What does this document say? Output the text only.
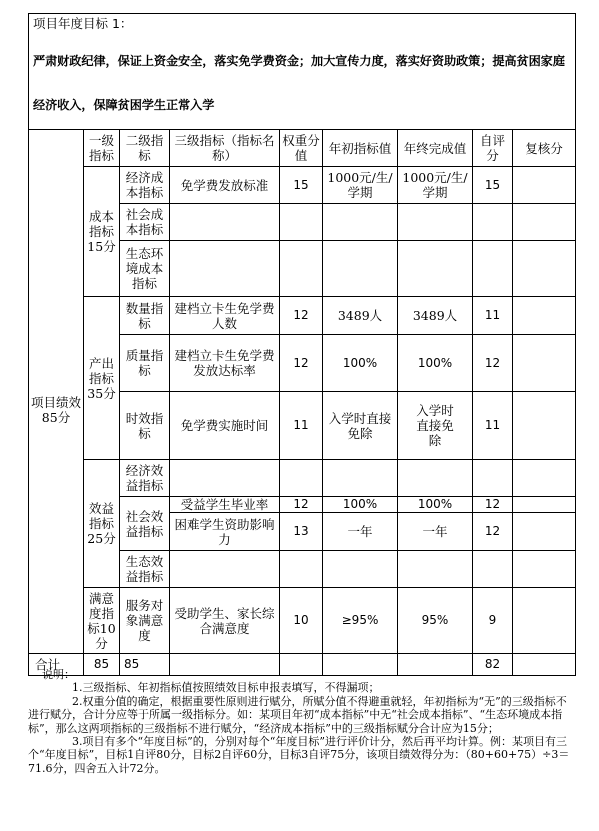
项目年度目标 1：
严肃财政纪律，保证上资金安全，落实免学费资金；加大宣传力度，落实好资助政策；提高贫困家庭经济收入，保障贫困学生正常入学								

	一级指标	二级指标	三级指标（指标名称）	权重分值	年初指标值	年终完成值	自评分	复核分
项目绩效85分	成本指标15分	经济成本指标	免学费发放标准	15	1000元/生/学期	1000元/生/学期	15	
		社会成本指标						
		生态环境成本指标						
	产出指标35分	数量指标	建档立卡生免学费人数	12	3489人	3489人	11	
		质量指标	建档立卡生免学费发放达标率	12	100%	100%	12	
		时效指标	免学费实施时间	11	入学时直接免除	入学时直接免除	11	
	效益指标25分	经济效益指标						
		社会效益指标	受益学生毕业率	12	100%	100%	12	
			困难学生资助影响力	13	一年	一年	12	
		生态效益指标						
	满意度指标10分	服务对象满意度	受助学生、家长综合满意度	10	≥95%	95%	9	
合计	85	85					82	

说明：

1.三级指标、年初指标值按照绩效目标申报表填写，不得漏项；

2.权重分值的确定，根据重要性原则进行赋分，所赋分值不得避重就轻，年初指标为“无”的三级指标不进行赋分，合计分应等于所属一级指标分。如：某项目年初“成本指标”中无“社会成本指标”、“生态环境成本指标”，那么这两项指标的三级指标不进行赋分，“经济成本指标”中的三级指标赋分合计应为15分；

3.项目有多个“年度目标”的，分别对每个“年度目标”进行评价计分，然后再平均计算。例：某项目有三个“年度目标”，目标1自评80分，目标2自评60分，目标3自评75分，该项目绩效得分为：（80+60+75）÷3＝71.6分，四舍五入计72分。
